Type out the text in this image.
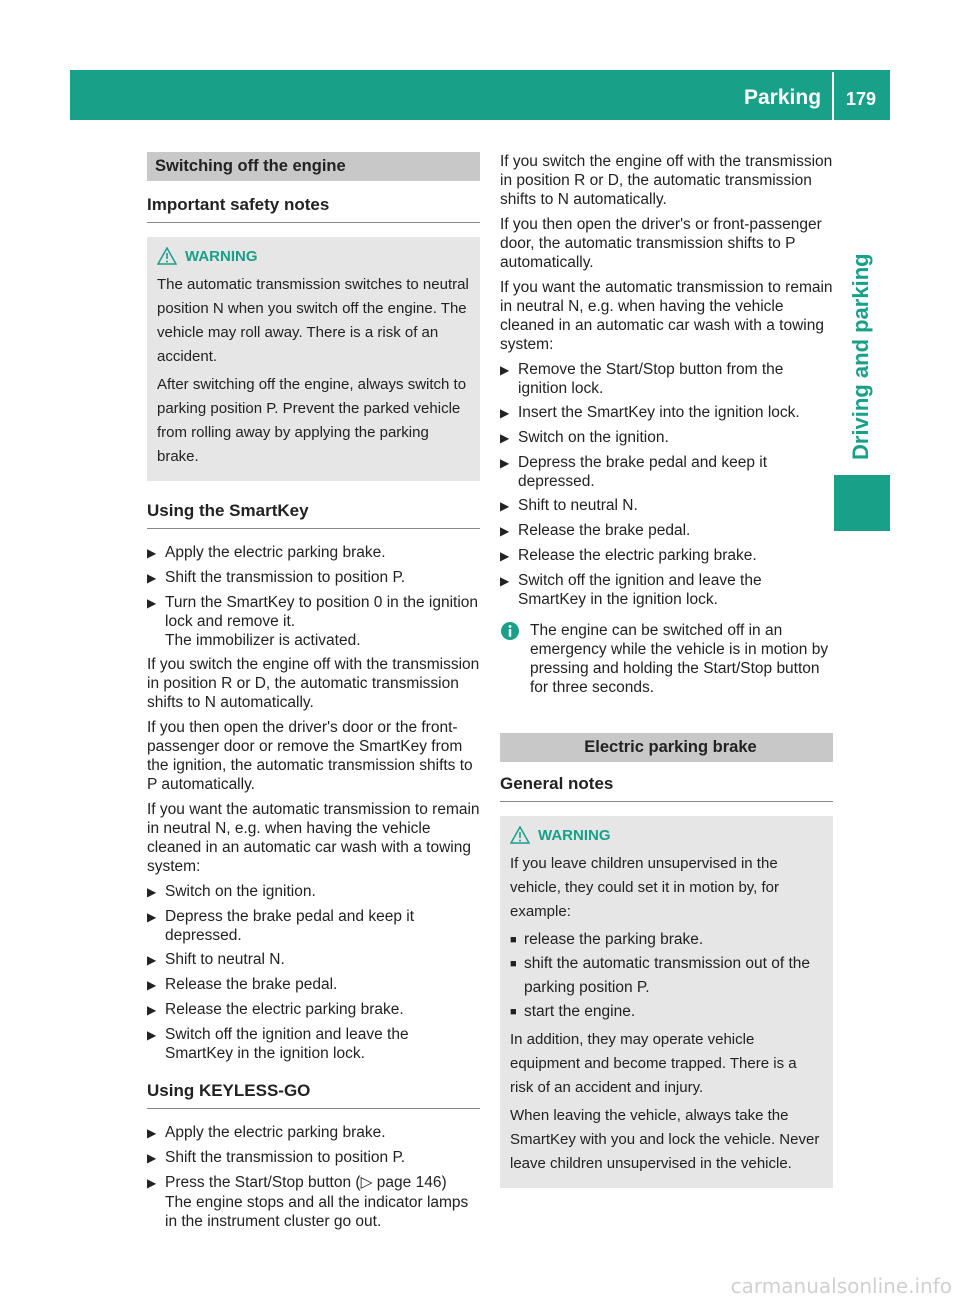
Parking 179
Driving and parking
Switching off the engine
Important safety notes
WARNING

The automatic transmission switches to neutral position N when you switch off the engine. The vehicle may roll away. There is a risk of an accident.

After switching off the engine, always switch to parking position P. Prevent the parked vehicle from rolling away by applying the parking brake.

Using the SmartKey
▶ Apply the electric parking brake.
▶ Shift the transmission to position P.
▶ Turn the SmartKey to position 0 in the ignition lock and remove it.
The immobilizer is activated.

If you switch the engine off with the transmission in position R or D, the automatic transmission shifts to N automatically.

If you then open the driver's door or the front-passenger door or remove the SmartKey from the ignition, the automatic transmission shifts to P automatically.

If you want the automatic transmission to remain in neutral N, e.g. when having the vehicle cleaned in an automatic car wash with a towing system:

▶ Switch on the ignition.
▶ Depress the brake pedal and keep it depressed.
▶ Shift to neutral N.
▶ Release the brake pedal.
▶ Release the electric parking brake.
▶ Switch off the ignition and leave the SmartKey in the ignition lock.
Using KEYLESS-GO
▶ Apply the electric parking brake.
▶ Shift the transmission to position P.
▶ Press the Start/Stop button (▷ page 146)
The engine stops and all the indicator lamps in the instrument cluster go out.

If you switch the engine off with the transmission in position R or D, the automatic transmission shifts to N automatically.

If you then open the driver's or front-passenger door, the automatic transmission shifts to P automatically.

If you want the automatic transmission to remain in neutral N, e.g. when having the vehicle cleaned in an automatic car wash with a towing system:

▶ Remove the Start/Stop button from the ignition lock.
▶ Insert the SmartKey into the ignition lock.
▶ Switch on the ignition.
▶ Depress the brake pedal and keep it depressed.
▶ Shift to neutral N.
▶ Release the brake pedal.
▶ Release the electric parking brake.
▶ Switch off the ignition and leave the SmartKey in the ignition lock.
The engine can be switched off in an emergency while the vehicle is in motion by pressing and holding the Start/Stop button for three seconds.
Electric parking brake
General notes
WARNING

If you leave children unsupervised in the vehicle, they could set it in motion by, for example:

■ release the parking brake.
■ shift the automatic transmission out of the parking position P.
■ start the engine.

In addition, they may operate vehicle equipment and become trapped. There is a risk of an accident and injury.

When leaving the vehicle, always take the SmartKey with you and lock the vehicle. Never leave children unsupervised in the vehicle.

carmanualsonline.info
